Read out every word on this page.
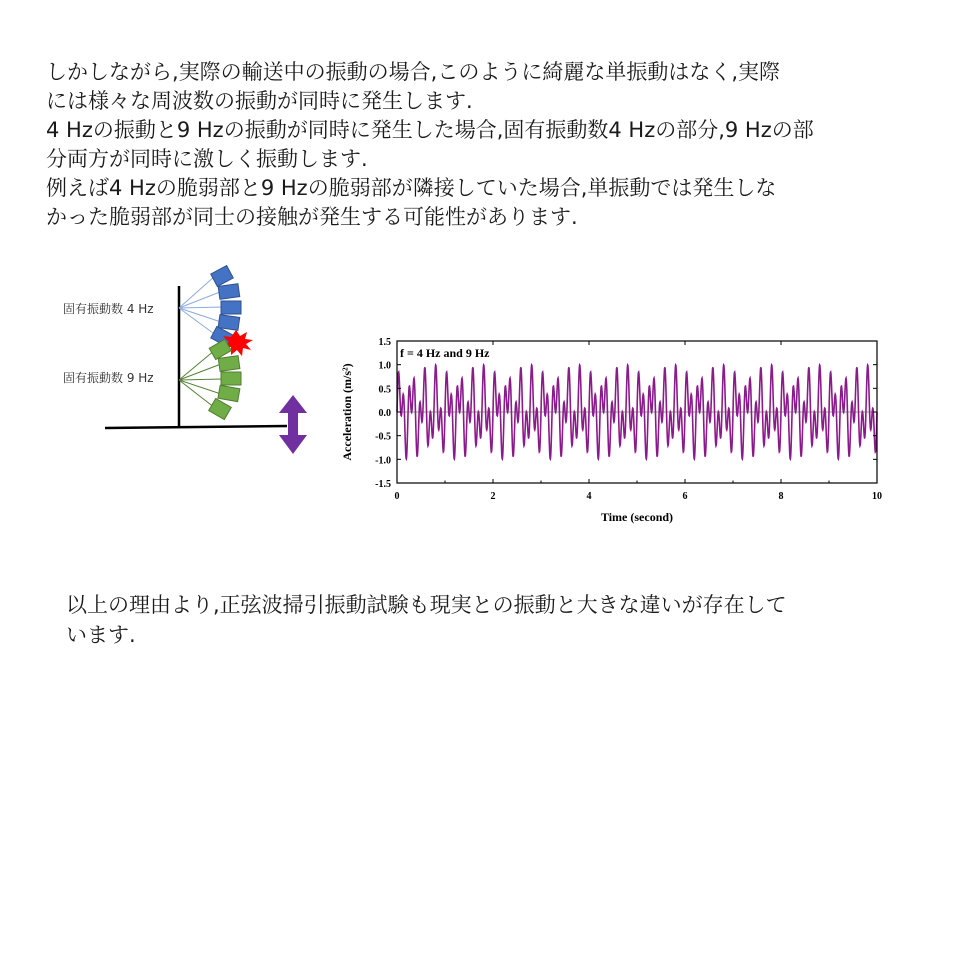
しかしながら,実際の輸送中の振動の場合,このように綺麗な単振動はなく,実際
には様々な周波数の振動が同時に発生します.
4 Hzの振動と9 Hzの振動が同時に発生した場合,固有振動数4 Hzの部分,9 Hzの部
分両方が同時に激しく振動します.
例えば4 Hzの脆弱部と9 Hzの脆弱部が隣接していた場合,単振動では発生しな
かった脆弱部が同士の接触が発生する可能性があります.
固有振動数 4 Hz
固有振動数 9 Hz
1.5
1.0
0.5
0.0
-0.5
-1.0
-1.5
0	2	4	6	8	10
f = 4 Hz and 9 Hz
Time (second)
Acceleration (m/s²)
以上の理由より,正弦波掃引振動試験も現実との振動と大きな違いが存在して
います.
